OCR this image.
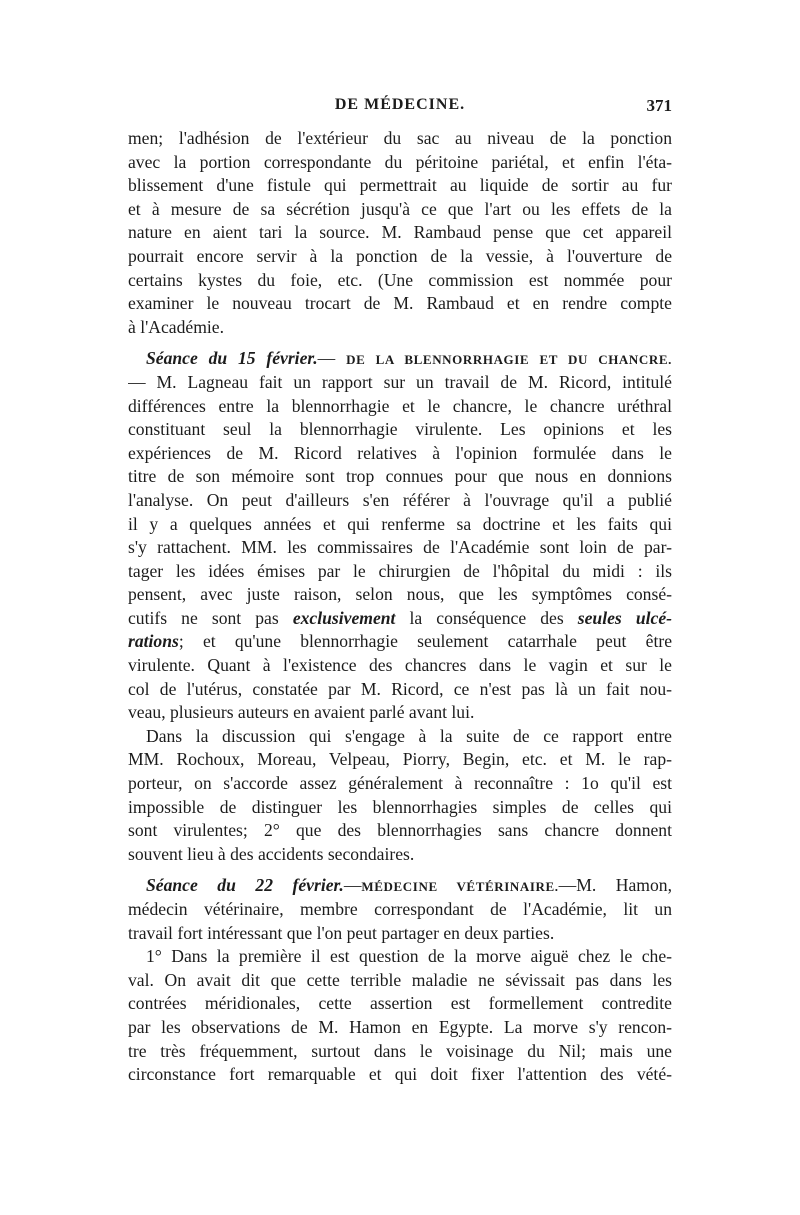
DE MÉDECINE.	371
men; l'adhésion de l'extérieur du sac au niveau de la ponction
avec la portion correspondante du péritoine pariétal, et enfin l'éta-
blissement d'une fistule qui permettrait au liquide de sortir au fur
et à mesure de sa sécrétion jusqu'à ce que l'art ou les effets de la
nature en aient tari la source. M. Rambaud pense que cet appareil
pourrait encore servir à la ponction de la vessie, à l'ouverture de
certains kystes du foie, etc. (Une commission est nommée pour
examiner le nouveau trocart de M. Rambaud et en rendre compte
à l'Académie.
Séance du 15 février.— DE LA BLENNORRHAGIE ET DU CHANCRE.
— M. Lagneau fait un rapport sur un travail de M. Ricord, intitulé
différences entre la blennorrhagie et le chancre, le chancre uréthral
constituant seul la blennorrhagie virulente. Les opinions et les
expériences de M. Ricord relatives à l'opinion formulée dans le
titre de son mémoire sont trop connues pour que nous en donnions
l'analyse. On peut d'ailleurs s'en référer à l'ouvrage qu'il a publié
il y a quelques années et qui renferme sa doctrine et les faits qui
s'y rattachent. MM. les commissaires de l'Académie sont loin de par-
tager les idées émises par le chirurgien de l'hôpital du midi : ils
pensent, avec juste raison, selon nous, que les symptômes consé-
cutifs ne sont pas exclusivement la conséquence des seules ulcé-
rations; et qu'une blennorrhagie seulement catarrhale peut être
virulente. Quant à l'existence des chancres dans le vagin et sur le
col de l'utérus, constatée par M. Ricord, ce n'est pas là un fait nou-
veau, plusieurs auteurs en avaient parlé avant lui.
Dans la discussion qui s'engage à la suite de ce rapport entre
MM. Rochoux, Moreau, Velpeau, Piorry, Begin, etc. et M. le rap-
porteur, on s'accorde assez généralement à reconnaître : 1o qu'il est
impossible de distinguer les blennorrhagies simples de celles qui
sont virulentes; 2° que des blennorrhagies sans chancre donnent
souvent lieu à des accidents secondaires.
Séance du 22 février.—MÉDECINE VÉTÉRINAIRE.—M. Hamon,
médecin vétérinaire, membre correspondant de l'Académie, lit un
travail fort intéressant que l'on peut partager en deux parties.
1° Dans la première il est question de la morve aiguë chez le che-
val. On avait dit que cette terrible maladie ne sévissait pas dans les
contrées méridionales, cette assertion est formellement contredite
par les observations de M. Hamon en Egypte. La morve s'y rencon-
tre très fréquemment, surtout dans le voisinage du Nil; mais une
circonstance fort remarquable et qui doit fixer l'attention des vété-
